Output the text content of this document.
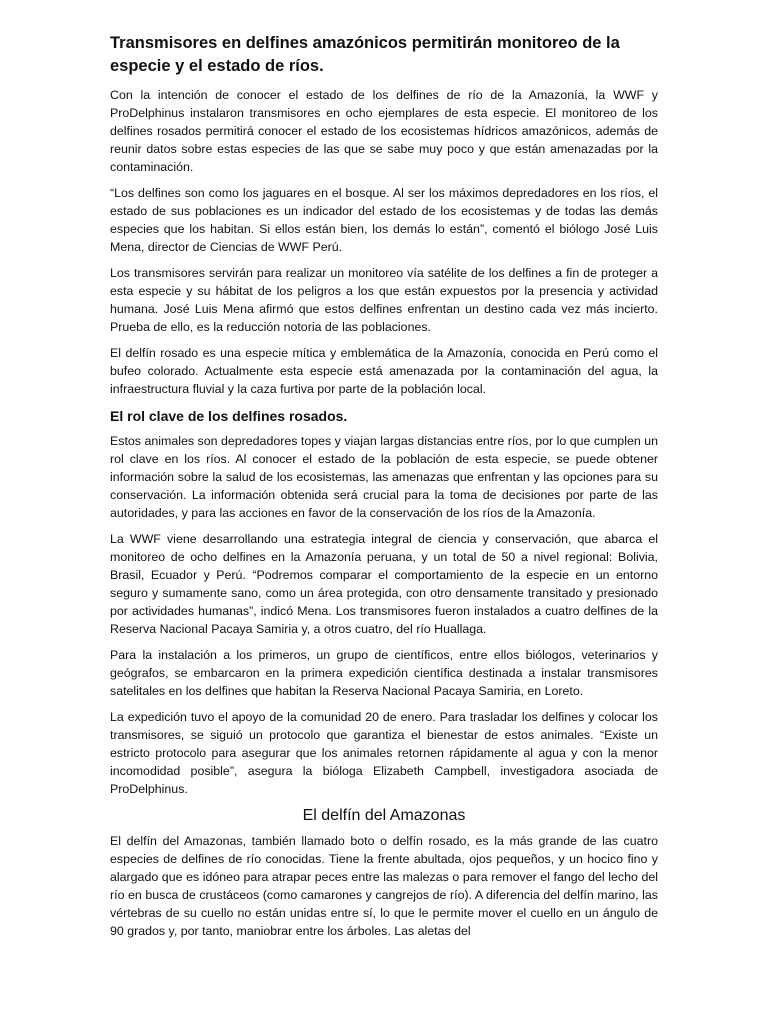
Transmisores en delfines amazónicos permitirán monitoreo de la especie y el estado de ríos.

Con la intención de conocer el estado de los delfines de río de la Amazonía, la WWF y ProDelphinus instalaron transmisores en ocho ejemplares de esta especie. El monitoreo de los delfines rosados permitirá conocer el estado de los ecosistemas hídricos amazónicos, además de reunir datos sobre estas especies de las que se sabe muy poco y que están amenazadas por la contaminación.

“Los delfines son como los jaguares en el bosque. Al ser los máximos depredadores en los ríos, el estado de sus poblaciones es un indicador del estado de los ecosistemas y de todas las demás especies que los habitan. Si ellos están bien, los demás lo están”, comentó el biólogo José Luis Mena, director de Ciencias de WWF Perú.

Los transmisores servirán para realizar un monitoreo vía satélite de los delfines a fin de proteger a esta especie y su hábitat de los peligros a los que están expuestos por la presencia y actividad humana. José Luis Mena afirmó que estos delfines enfrentan un destino cada vez más incierto. Prueba de ello, es la reducción notoria de las poblaciones.

El delfín rosado es una especie mítica y emblemática de la Amazonía, conocida en Perú como el bufeo colorado. Actualmente esta especie está amenazada por la contaminación del agua, la infraestructura fluvial y la caza furtiva por parte de la población local.

El rol clave de los delfines rosados.

Estos animales son depredadores topes y viajan largas distancias entre ríos, por lo que cumplen un rol clave en los ríos. Al conocer el estado de la población de esta especie, se puede obtener información sobre la salud de los ecosistemas, las amenazas que enfrentan y las opciones para su conservación. La información obtenida será crucial para la toma de decisiones por parte de las autoridades, y para las acciones en favor de la conservación de los ríos de la Amazonía.

La WWF viene desarrollando una estrategia integral de ciencia y conservación, que abarca el monitoreo de ocho delfines en la Amazonía peruana, y un total de 50 a nivel regional: Bolivia, Brasil, Ecuador y Perú. “Podremos comparar el comportamiento de la especie en un entorno seguro y sumamente sano, como un área protegida, con otro densamente transitado y presionado por actividades humanas”, indicó Mena. Los transmisores fueron instalados a cuatro delfines de la Reserva Nacional Pacaya Samiria y, a otros cuatro, del río Huallaga.

Para la instalación a los primeros, un grupo de científicos, entre ellos biólogos, veterinarios y geógrafos, se embarcaron en la primera expedición científica destinada a instalar transmisores satelitales en los delfines que habitan la Reserva Nacional Pacaya Samiria, en Loreto.

La expedición tuvo el apoyo de la comunidad 20 de enero. Para trasladar los delfines y colocar los transmisores, se siguió un protocolo que garantiza el bienestar de estos animales. “Existe un estricto protocolo para asegurar que los animales retornen rápidamente al agua y con la menor incomodidad posible”, asegura la bióloga Elizabeth Campbell, investigadora asociada de ProDelphinus.

El delfín del Amazonas

El delfín del Amazonas, también llamado boto o delfín rosado, es la más grande de las cuatro especies de delfines de río conocidas. Tiene la frente abultada, ojos pequeños, y un hocico fino y alargado que es idóneo para atrapar peces entre las malezas o para remover el fango del lecho del río en busca de crustáceos (como camarones y cangrejos de río). A diferencia del delfín marino, las vértebras de su cuello no están unidas entre sí, lo que le permite mover el cuello en un ángulo de 90 grados y, por tanto, maniobrar entre los árboles. Las aletas del
